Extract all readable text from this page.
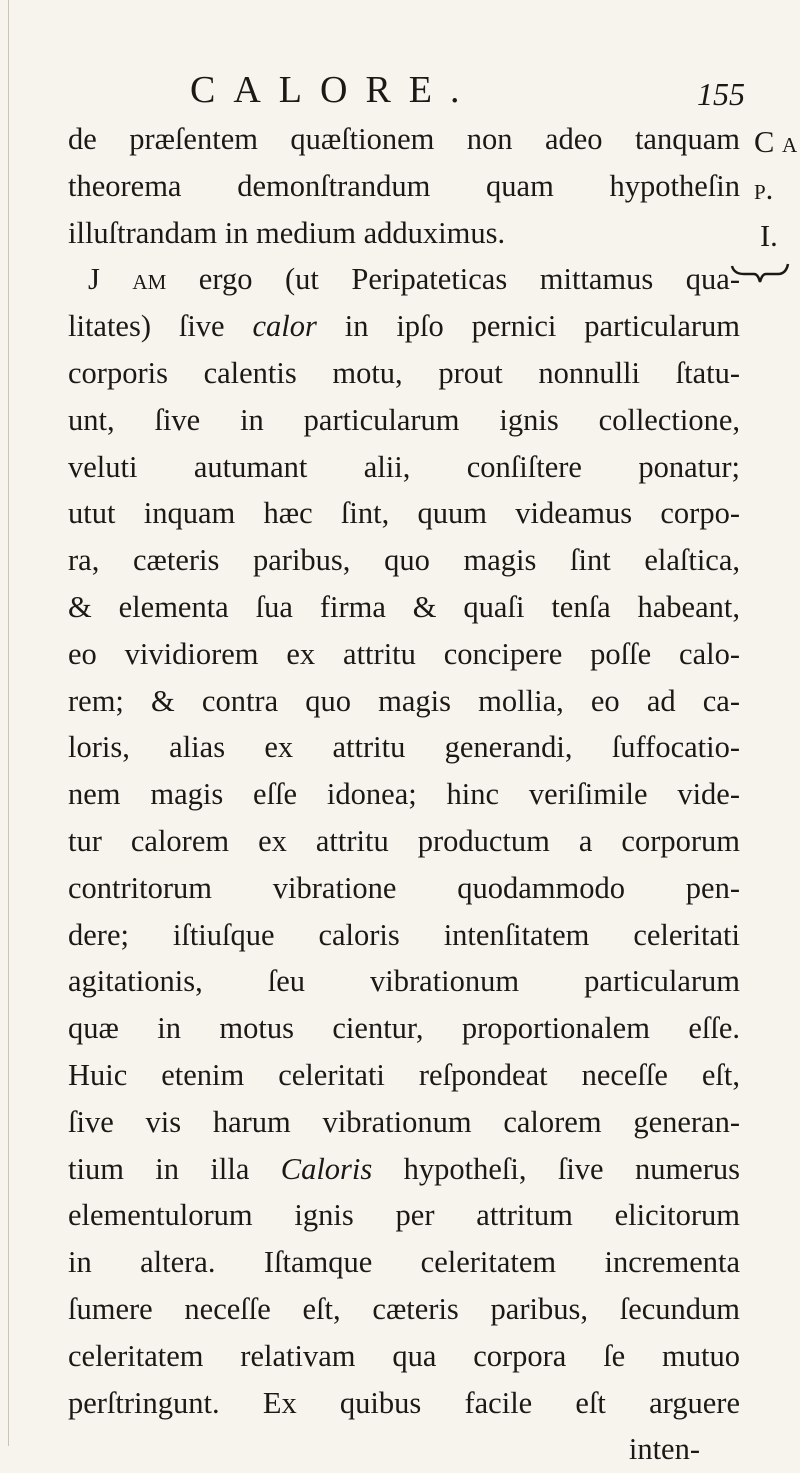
CALORE.	155
C a p.
I.
de præſentem quæſtionem non adeo tanquam
theorema demonſtrandum quam hypotheſin
illuſtrandam in medium adduximus.
J am ergo (ut Peripateticas mittamus qua-
litates) ſive calor in ipſo pernici particularum
corporis calentis motu, prout nonnulli ſtatu-
unt, ſive in particularum ignis collectione,
veluti autumant alii, conſiſtere ponatur;
utut inquam hæc ſint, quum videamus corpo-
ra, cæteris paribus, quo magis ſint elaſtica,
& elementa ſua firma & quaſi tenſa habeant,
eo vividiorem ex attritu concipere poſſe calo-
rem; & contra quo magis mollia, eo ad ca-
loris, alias ex attritu generandi, ſuffocatio-
nem magis eſſe idonea; hinc veriſimile vide-
tur calorem ex attritu productum a corporum
contritorum vibratione quodammodo pen-
dere; iſtiuſque caloris intenſitatem celeritati
agitationis, ſeu vibrationum particularum
quæ in motus cientur, proportionalem eſſe.
Huic etenim celeritati reſpondeat neceſſe eſt,
ſive vis harum vibrationum calorem generan-
tium in illa Caloris hypotheſi, ſive numerus
elementulorum ignis per attritum elicitorum
in altera. Iſtamque celeritatem incrementa
ſumere neceſſe eſt, cæteris paribus, ſecundum
celeritatem relativam qua corpora ſe mutuo
perſtringunt. Ex quibus facile eſt arguere
inten-
